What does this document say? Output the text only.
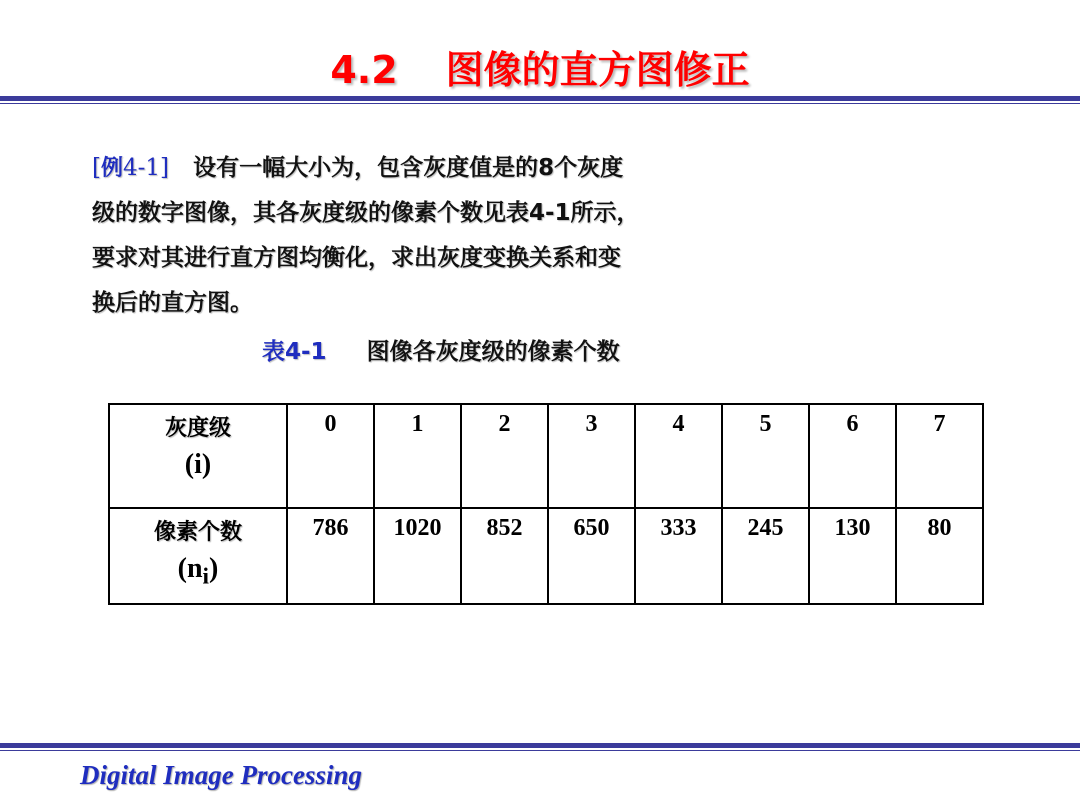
4.2 图像的直方图修正
[例4-1] 设有一幅大小为，包含灰度值是的8个灰度
级的数字图像，其各灰度级的像素个数见表4-1所示，
要求对其进行直方图均衡化，求出灰度变换关系和变
换后的直方图。
表4-1 图像各灰度级的像素个数
灰度级
(i)	0	1	2	3	4	5	6	7

像素个数
$(n_i)$	786	1020	852	650	333	245	130	80
Digital Image Processing
